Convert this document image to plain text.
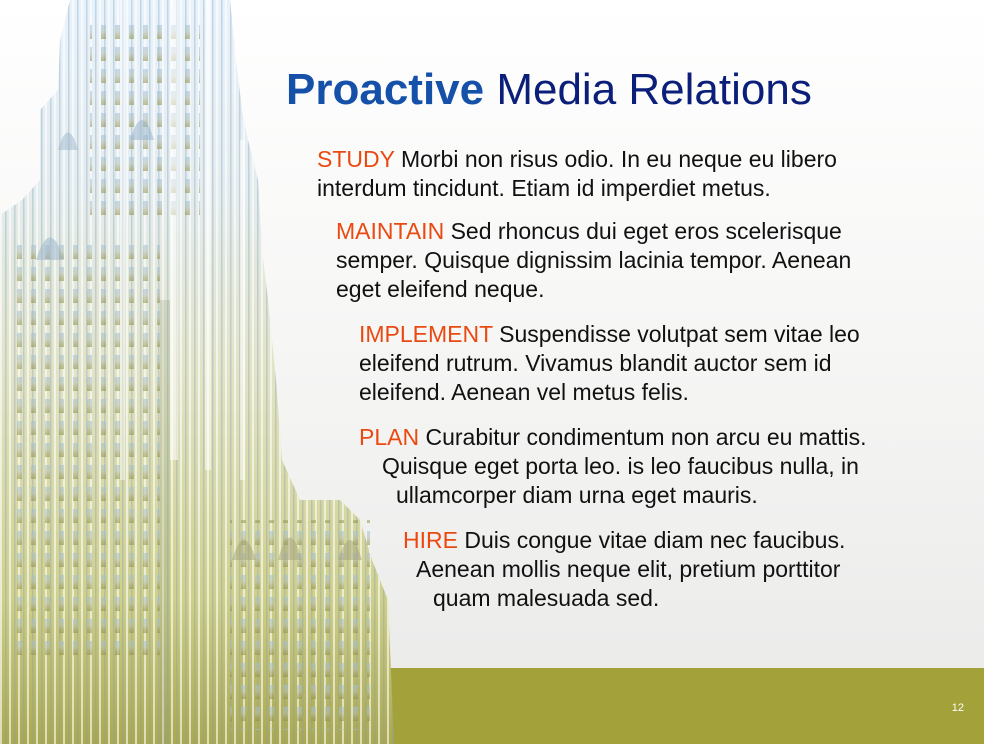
Proactive Media Relations
STUDY Morbi non risus odio. In eu neque eu libero
interdum tincidunt. Etiam id imperdiet metus.
MAINTAIN Sed rhoncus dui eget eros scelerisque
semper. Quisque dignissim lacinia tempor. Aenean
eget eleifend neque.
IMPLEMENT Suspendisse volutpat sem vitae leo
eleifend rutrum. Vivamus blandit auctor sem id
eleifend. Aenean vel metus felis.
PLAN Curabitur condimentum non arcu eu mattis.
Quisque eget porta leo. is leo faucibus nulla, in
ullamcorper diam urna eget mauris.
HIRE Duis congue vitae diam nec faucibus.
Aenean mollis neque elit, pretium porttitor
quam malesuada sed.
12
